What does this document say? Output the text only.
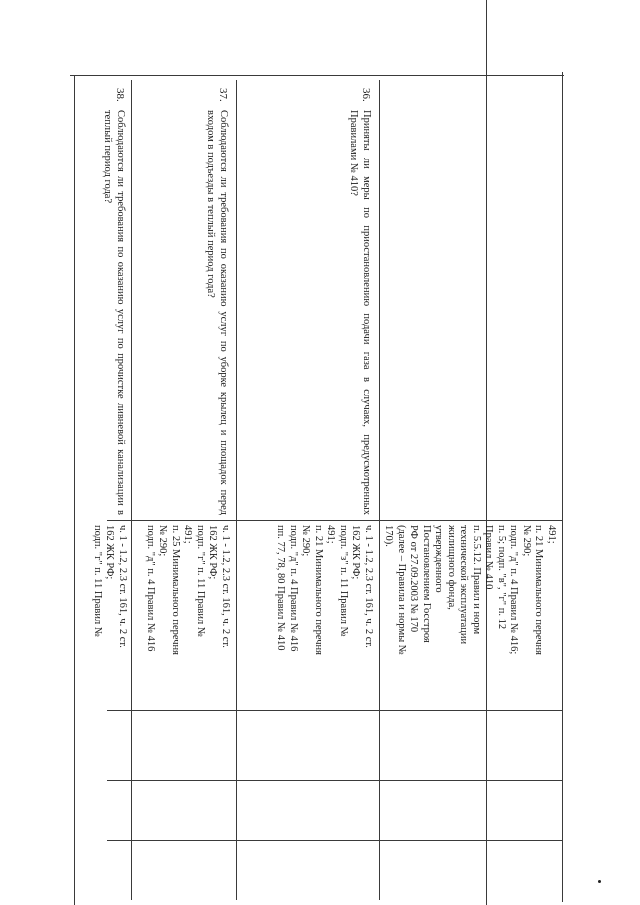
491;
п. 21 Минимального перечня
№ 290;
подп. "д" п. 4 Правил № 416;
п. 5; подп. "в", "г" п. 12
Правил № 410
п. 5.5.12. Правил и норм
технической эксплуатации
жилищного фонда,
утвержденного
Постановлением Госстроя
РФ от 27.09.2003 № 170
(далее – Правила и нормы №
170).
36.
Приняты ли меры по приостановлению подачи газа в случаях, предусмотренных Правилами № 410?
ч. 1 - 1.2, 2.3 ст. 161, ч. 2 ст.
162 ЖК РФ;
подп. "з" п. 11 Правил №
491;
п. 21 Минимального перечня
№ 290;
подп. "д" п. 4 Правил № 416
пп. 77, 78, 80 Правил № 410
37.
Соблюдаются ли требования по оказанию услуг по уборке крылец и площадок перед входом в подъезды в теплый период года?
ч. 1 - 1.2, 2.3 ст. 161, ч. 2 ст.
162 ЖК РФ;
подп. "г" п. 11 Правил №
491;
п. 25 Минимального перечня
№ 290;
подп. "д" п. 4 Правил № 416
38.
Соблюдаются ли требования по оказанию услуг по прочистке ливневой канализации в теплый период года?
ч. 1 - 1.2, 2.3 ст. 161, ч. 2 ст.
162 ЖК РФ;
подп. "г" п. 11 Правил №
